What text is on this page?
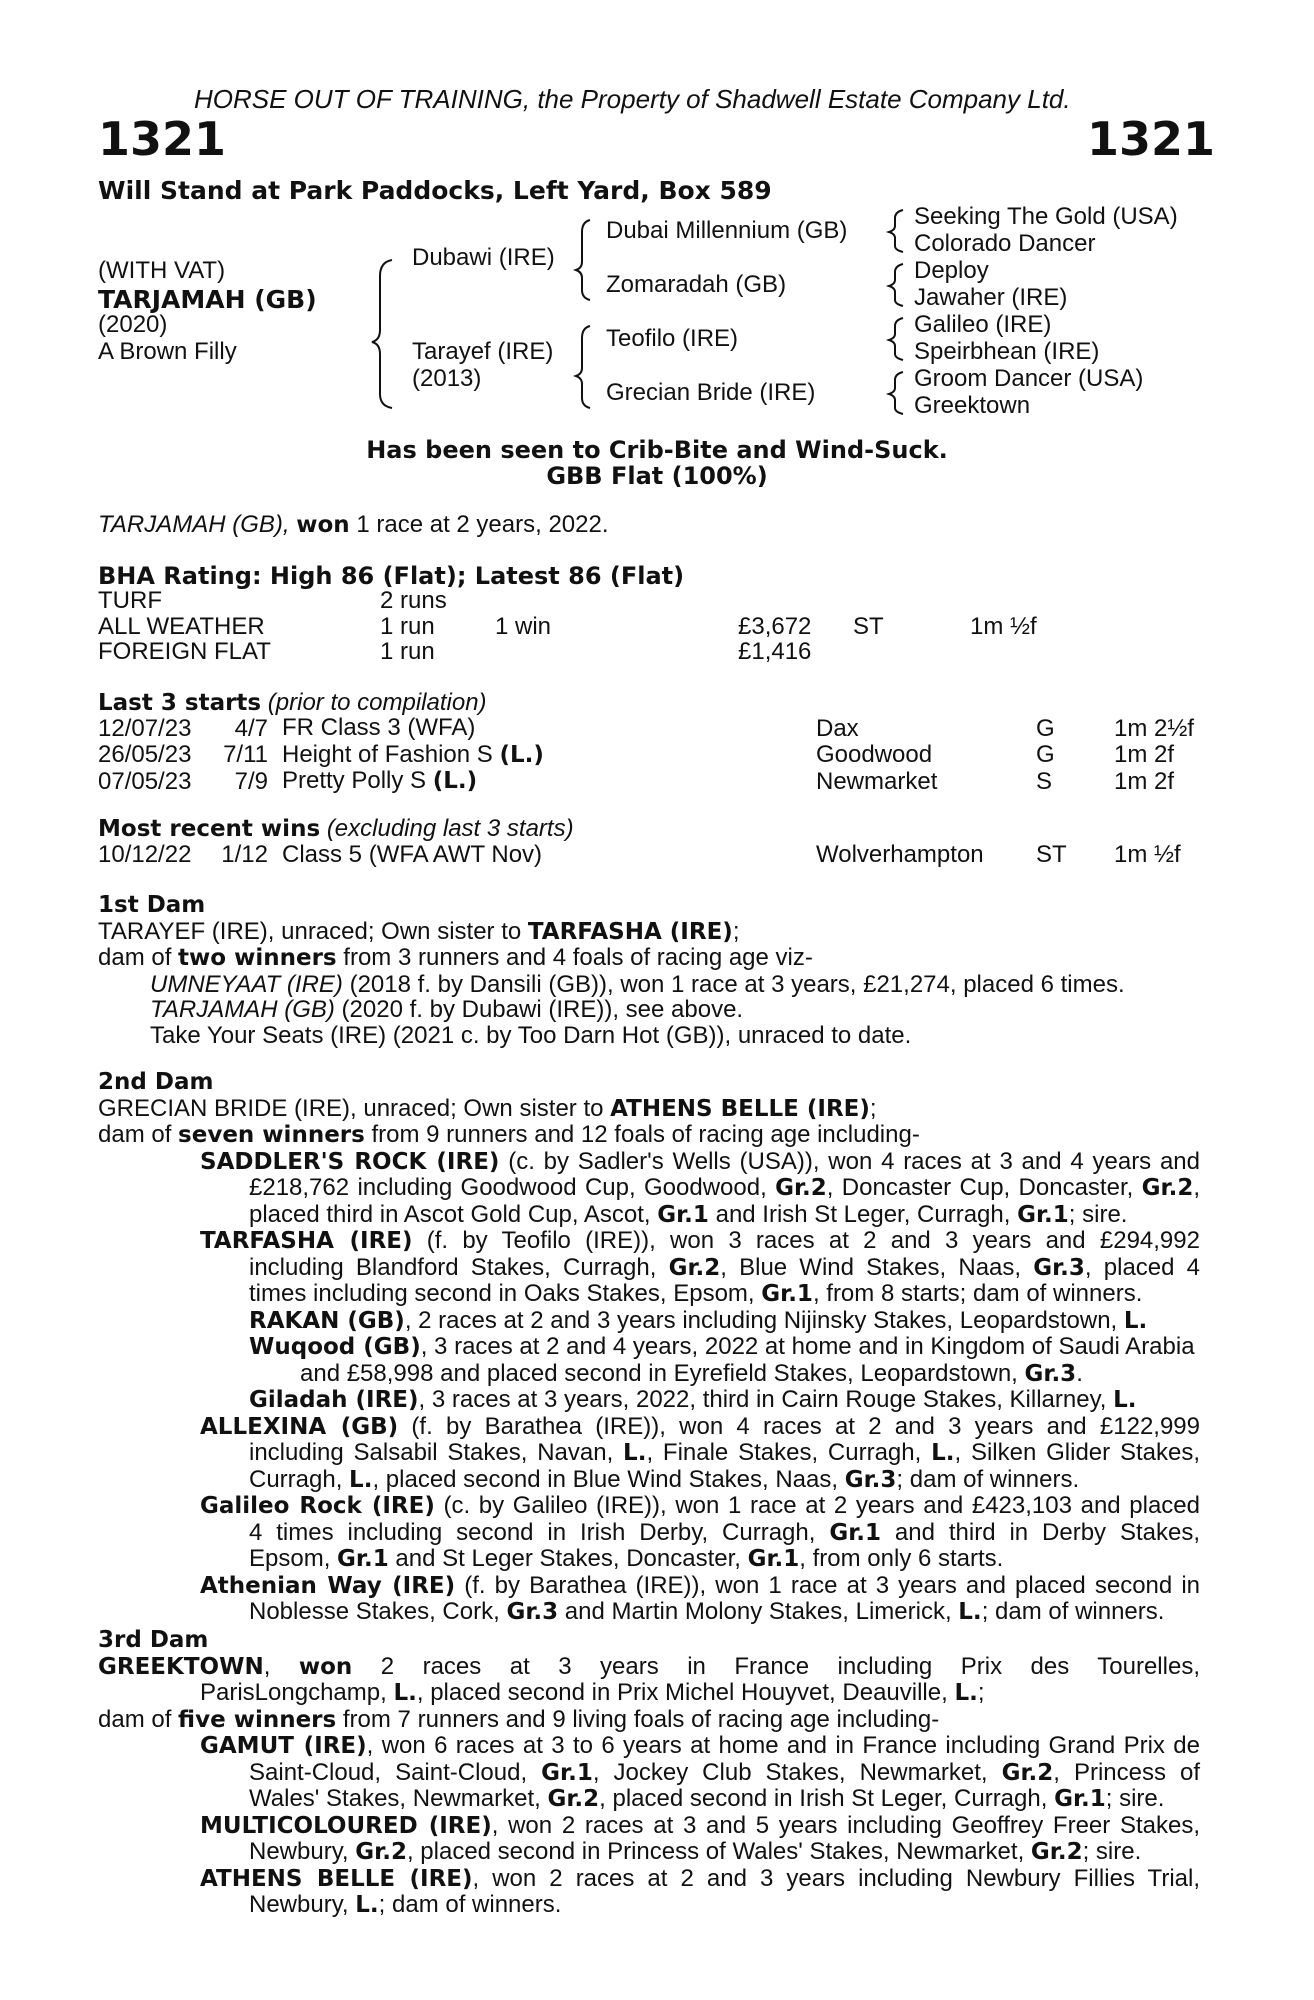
HORSE OUT OF TRAINING, the Property of Shadwell Estate Company Ltd.
1321	1321
Will Stand at Park Paddocks, Left Yard, Box 589
(WITH VAT)
TARJAMAH (GB)
(2020)
A Brown Filly
Dubawi (IRE)
Tarayef (IRE)
(2013)
Dubai Millennium (GB)
Zomaradah (GB)
Teofilo (IRE)
Grecian Bride (IRE)
Seeking The Gold (USA)
Colorado Dancer
Deploy
Jawaher (IRE)
Galileo (IRE)
Speirbhean (IRE)
Groom Dancer (USA)
Greektown
Has been seen to Crib-Bite and Wind-Suck.
GBB Flat (100%)
TARJAMAH (GB), won 1 race at 2 years, 2022.
BHA Rating: High 86 (Flat); Latest 86 (Flat)
TURF	2 runs				
ALL WEATHER	1 run	1 win	£3,672	ST	1m ½f
FOREIGN FLAT	1 run		£1,416		
Last 3 starts (prior to compilation)
12/07/23	4/7	FR Class 3 (WFA)	Dax	G	1m 2½f
26/05/23	7/11	Height of Fashion S (L.)	Goodwood	G	1m 2f
07/05/23	7/9	Pretty Polly S (L.)	Newmarket	S	1m 2f
Most recent wins (excluding last 3 starts)
10/12/22	1/12	Class 5 (WFA AWT Nov)	Wolverhampton	ST	1m ½f
1st Dam
TARAYEF (IRE), unraced; Own sister to TARFASHA (IRE);
dam of two winners from 3 runners and 4 foals of racing age viz-
UMNEYAAT (IRE) (2018 f. by Dansili (GB)), won 1 race at 3 years, £21,274, placed 6 times.
TARJAMAH (GB) (2020 f. by Dubawi (IRE)), see above.
Take Your Seats (IRE) (2021 c. by Too Darn Hot (GB)), unraced to date.
2nd Dam
GRECIAN BRIDE (IRE), unraced; Own sister to ATHENS BELLE (IRE);
dam of seven winners from 9 runners and 12 foals of racing age including-
SADDLER'S ROCK (IRE) (c. by Sadler's Wells (USA)), won 4 races at 3 and 4 years and
£218,762 including Goodwood Cup, Goodwood, Gr.2, Doncaster Cup, Doncaster, Gr.2,
placed third in Ascot Gold Cup, Ascot, Gr.1 and Irish St Leger, Curragh, Gr.1; sire.
TARFASHA (IRE) (f. by Teofilo (IRE)), won 3 races at 2 and 3 years and £294,992
including Blandford Stakes, Curragh, Gr.2, Blue Wind Stakes, Naas, Gr.3, placed 4
times including second in Oaks Stakes, Epsom, Gr.1, from 8 starts; dam of winners.
RAKAN (GB), 2 races at 2 and 3 years including Nijinsky Stakes, Leopardstown, L.
Wuqood (GB), 3 races at 2 and 4 years, 2022 at home and in Kingdom of Saudi Arabia
and £58,998 and placed second in Eyrefield Stakes, Leopardstown, Gr.3.
Giladah (IRE), 3 races at 3 years, 2022, third in Cairn Rouge Stakes, Killarney, L.
ALLEXINA (GB) (f. by Barathea (IRE)), won 4 races at 2 and 3 years and £122,999
including Salsabil Stakes, Navan, L., Finale Stakes, Curragh, L., Silken Glider Stakes,
Curragh, L., placed second in Blue Wind Stakes, Naas, Gr.3; dam of winners.
Galileo Rock (IRE) (c. by Galileo (IRE)), won 1 race at 2 years and £423,103 and placed
4 times including second in Irish Derby, Curragh, Gr.1 and third in Derby Stakes,
Epsom, Gr.1 and St Leger Stakes, Doncaster, Gr.1, from only 6 starts.
Athenian Way (IRE) (f. by Barathea (IRE)), won 1 race at 3 years and placed second in
Noblesse Stakes, Cork, Gr.3 and Martin Molony Stakes, Limerick, L.; dam of winners.
3rd Dam
GREEKTOWN, won 2 races at 3 years in France including Prix des Tourelles,
ParisLongchamp, L., placed second in Prix Michel Houyvet, Deauville, L.;
dam of five winners from 7 runners and 9 living foals of racing age including-
GAMUT (IRE), won 6 races at 3 to 6 years at home and in France including Grand Prix de
Saint-Cloud, Saint-Cloud, Gr.1, Jockey Club Stakes, Newmarket, Gr.2, Princess of
Wales' Stakes, Newmarket, Gr.2, placed second in Irish St Leger, Curragh, Gr.1; sire.
MULTICOLOURED (IRE), won 2 races at 3 and 5 years including Geoffrey Freer Stakes,
Newbury, Gr.2, placed second in Princess of Wales' Stakes, Newmarket, Gr.2; sire.
ATHENS BELLE (IRE), won 2 races at 2 and 3 years including Newbury Fillies Trial,
Newbury, L.; dam of winners.
